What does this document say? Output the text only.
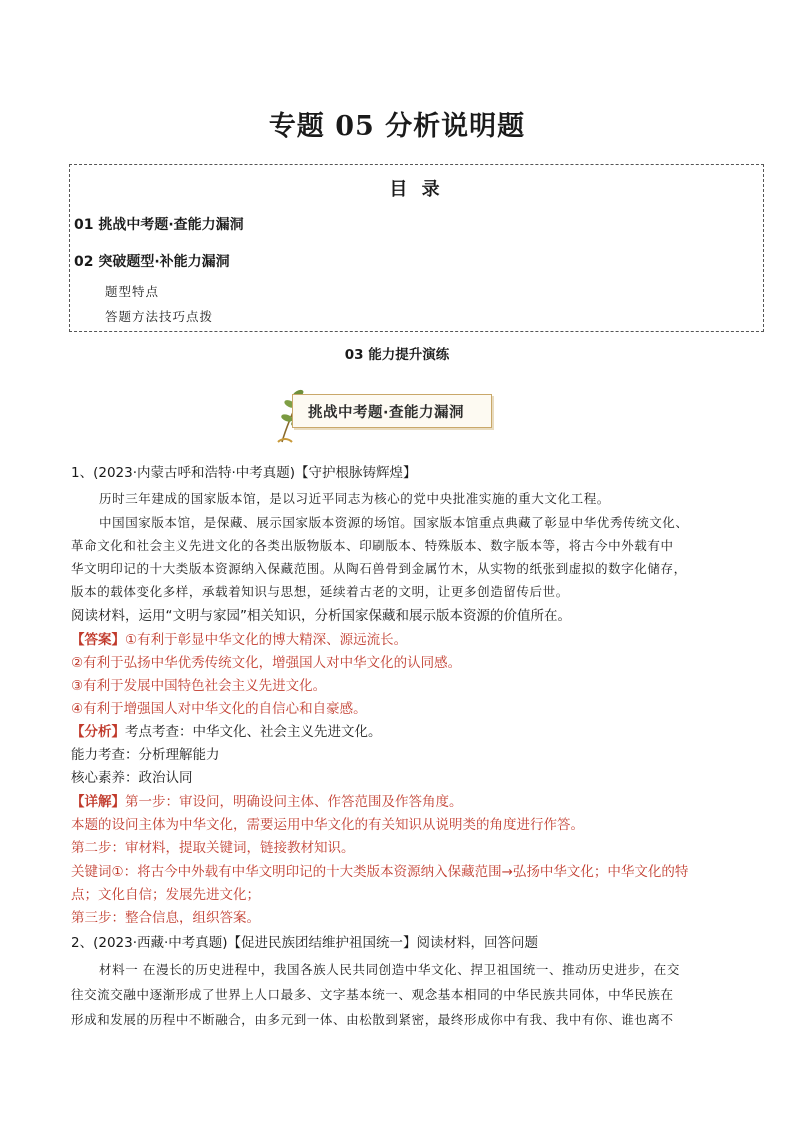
专题 05 分析说明题
目 录
01 挑战中考题·查能力漏洞
02 突破题型·补能力漏洞
题型特点
答题方法技巧点拨
03 能力提升演练
挑战中考题·查能力漏洞
1、(2023·内蒙古呼和浩特·中考真题)【守护根脉铸辉煌】
历时三年建成的国家版本馆，是以习近平同志为核心的党中央批准实施的重大文化工程。
中国国家版本馆，是保藏、展示国家版本资源的场馆。国家版本馆重点典藏了彰显中华优秀传统文化、
革命文化和社会主义先进文化的各类出版物版本、印刷版本、特殊版本、数字版本等，将古今中外载有中
华文明印记的十大类版本资源纳入保藏范围。从陶石兽骨到金属竹木，从实物的纸张到虚拟的数字化储存，
版本的载体变化多样，承载着知识与思想，延续着古老的文明，让更多创造留传后世。
阅读材料，运用“文明与家园”相关知识，分析国家保藏和展示版本资源的价值所在。
【答案】①有利于彰显中华文化的博大精深、源远流长。
②有利于弘扬中华优秀传统文化，增强国人对中华文化的认同感。
③有利于发展中国特色社会主义先进文化。
④有利于增强国人对中华文化的自信心和自豪感。
【分析】考点考查：中华文化、社会主义先进文化。
能力考查：分析理解能力
核心素养：政治认同
【详解】第一步：审设问，明确设问主体、作答范围及作答角度。
本题的设问主体为中华文化，需要运用中华文化的有关知识从说明类的角度进行作答。
第二步：审材料，提取关键词，链接教材知识。
关键词①：将古今中外载有中华文明印记的十大类版本资源纳入保藏范围→弘扬中华文化；中华文化的特
点；文化自信；发展先进文化；
第三步：整合信息，组织答案。
2、(2023·西藏·中考真题)【促进民族团结维护祖国统一】阅读材料，回答问题
材料一 在漫长的历史进程中，我国各族人民共同创造中华文化、捍卫祖国统一、推动历史进步，在交
往交流交融中逐渐形成了世界上人口最多、文字基本统一、观念基本相同的中华民族共同体，中华民族在
形成和发展的历程中不断融合，由多元到一体、由松散到紧密，最终形成你中有我、我中有你、谁也离不
